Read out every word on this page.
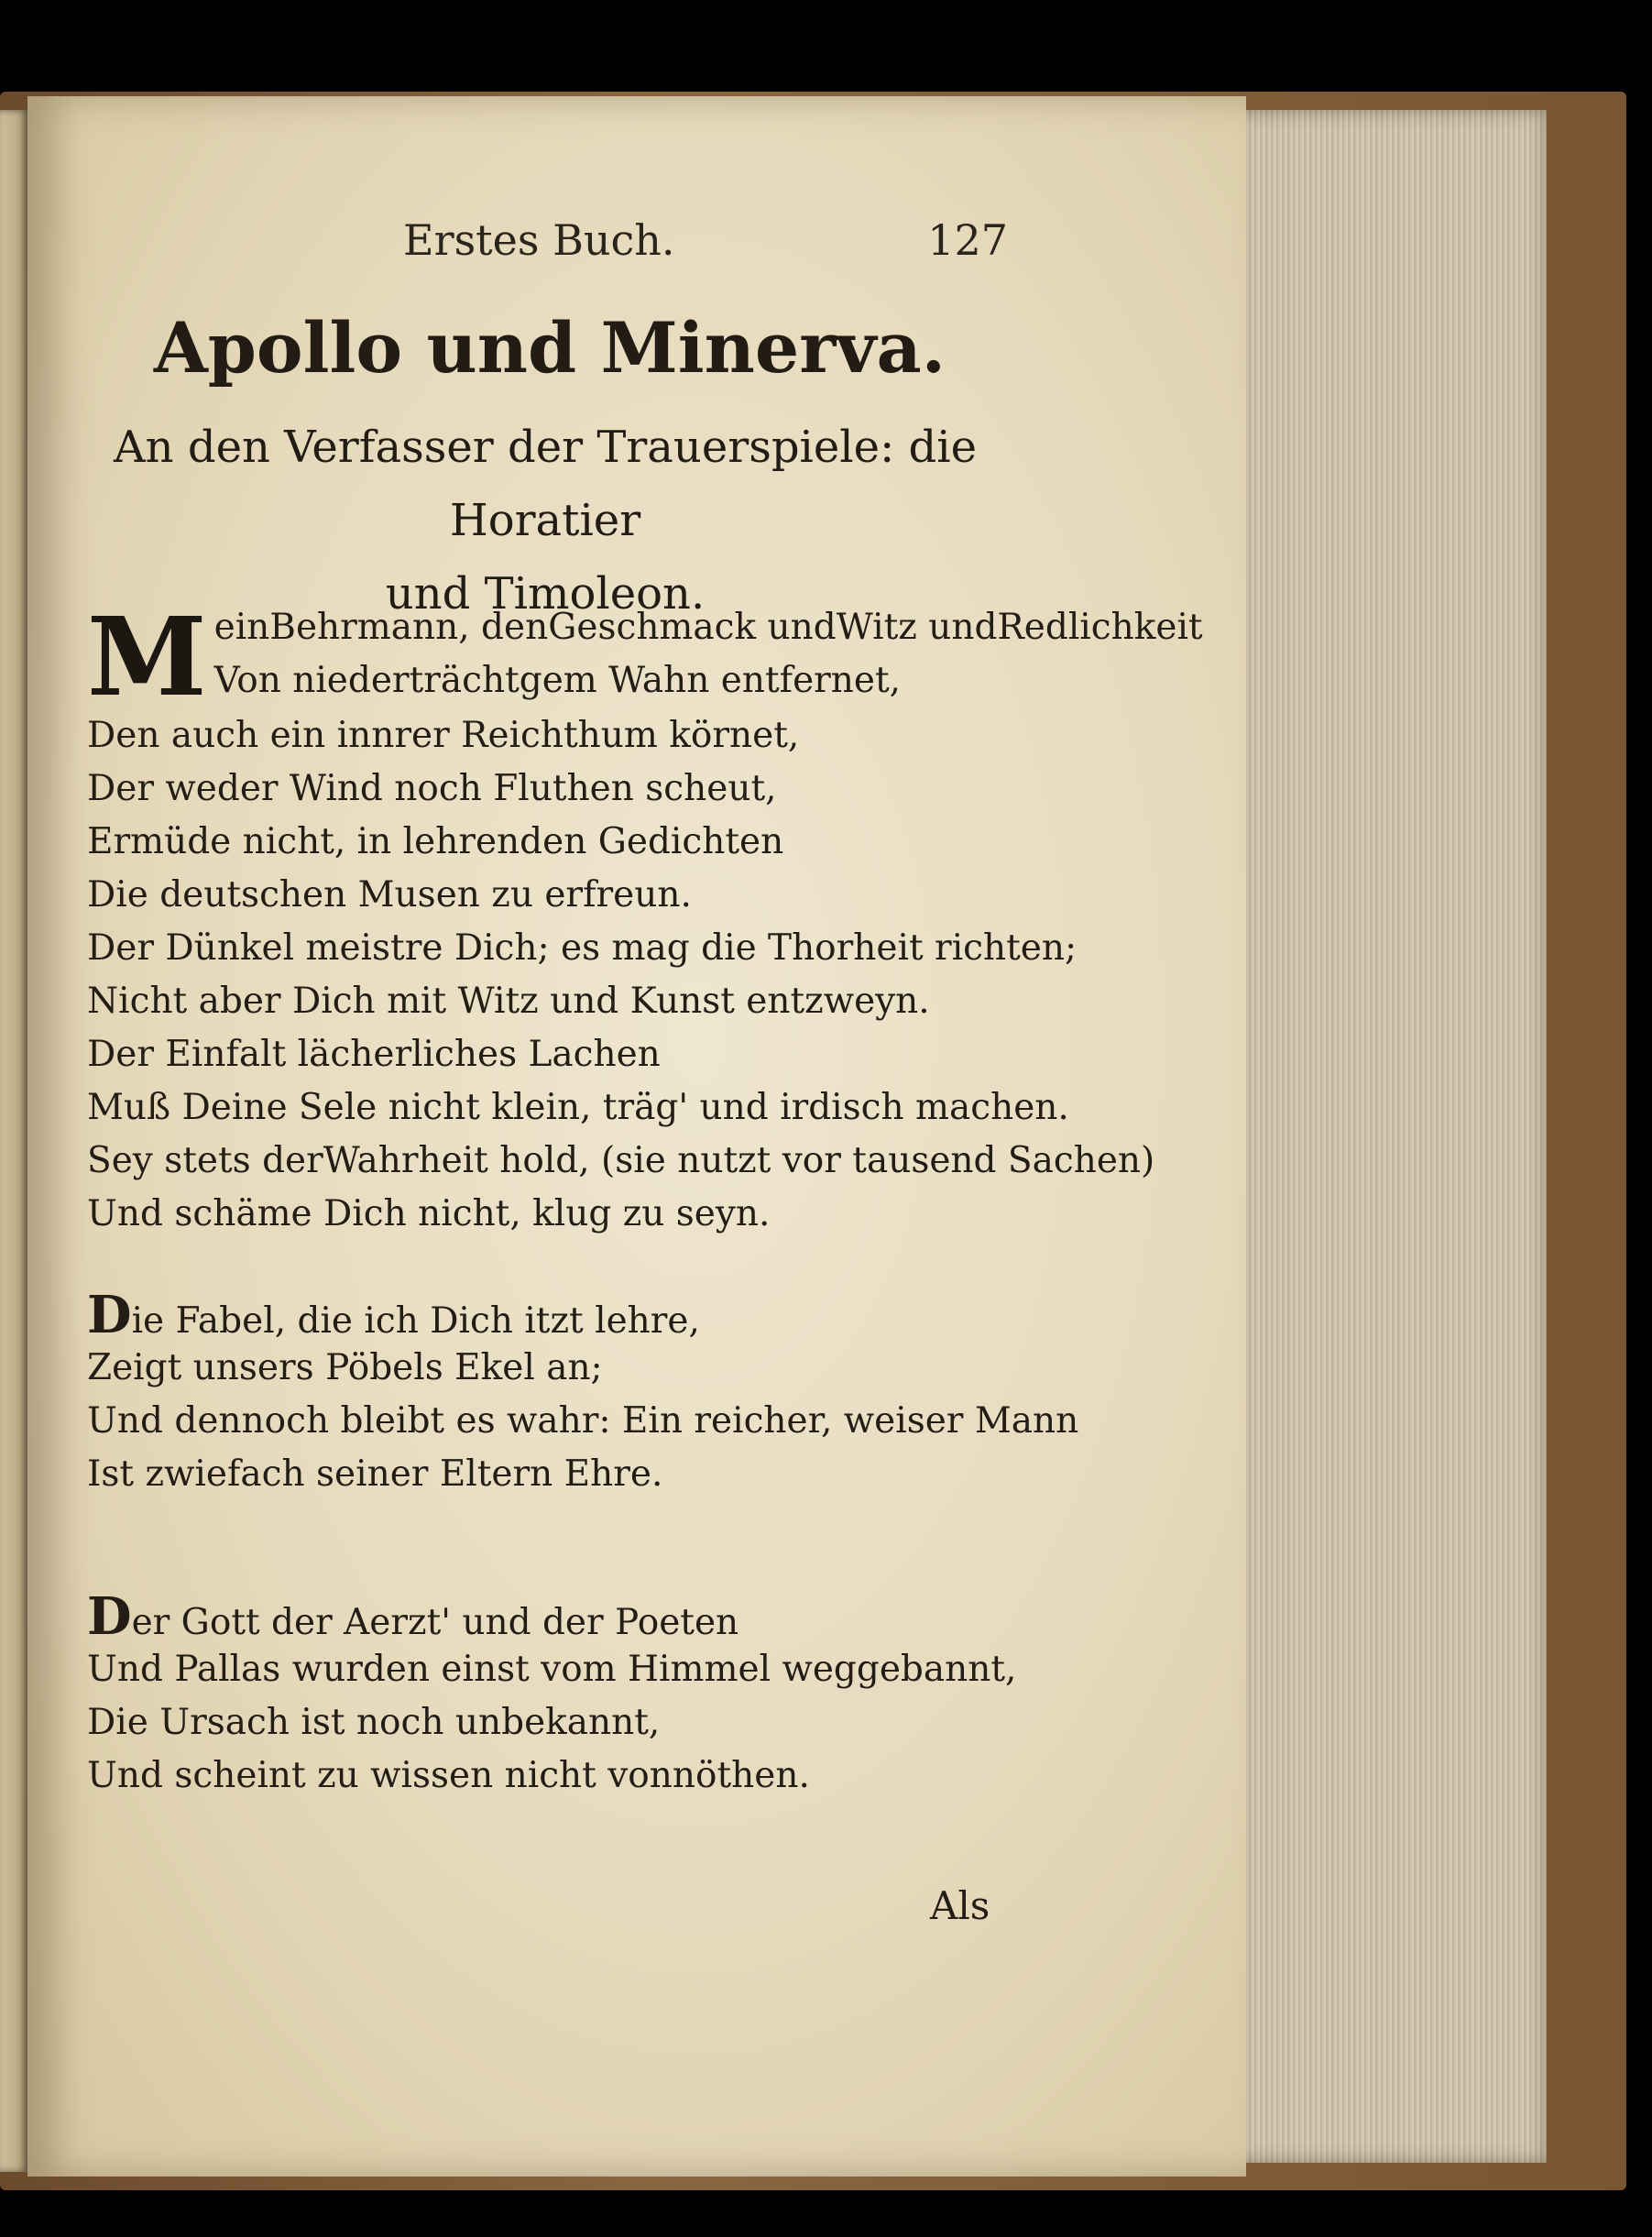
Erstes Buch.	127
Apollo und Minerva.
An den Verfasser der Trauerspiele: die Horatier
und Timoleon.
M einBehrmann, denGeschmack undWitz undRedlichkeit
Von niederträchtgem Wahn entfernet,
Den auch ein innrer Reichthum körnet,
Der weder Wind noch Fluthen scheut,
Ermüde nicht, in lehrenden Gedichten
Die deutschen Musen zu erfreun.
Der Dünkel meistre Dich; es mag die Thorheit richten;
Nicht aber Dich mit Witz und Kunst entzweyn.
Der Einfalt lächerliches Lachen
Muß Deine Sele nicht klein, träg' und irdisch machen.
Sey stets derWahrheit hold, (sie nutzt vor tausend Sachen)
Und schäme Dich nicht, klug zu seyn.
Die Fabel, die ich Dich itzt lehre,
Zeigt unsers Pöbels Ekel an;
Und dennoch bleibt es wahr: Ein reicher, weiser Mann
Ist zwiefach seiner Eltern Ehre.
Der Gott der Aerzt' und der Poeten
Und Pallas wurden einst vom Himmel weggebannt,
Die Ursach ist noch unbekannt,
Und scheint zu wissen nicht vonnöthen.
Als
